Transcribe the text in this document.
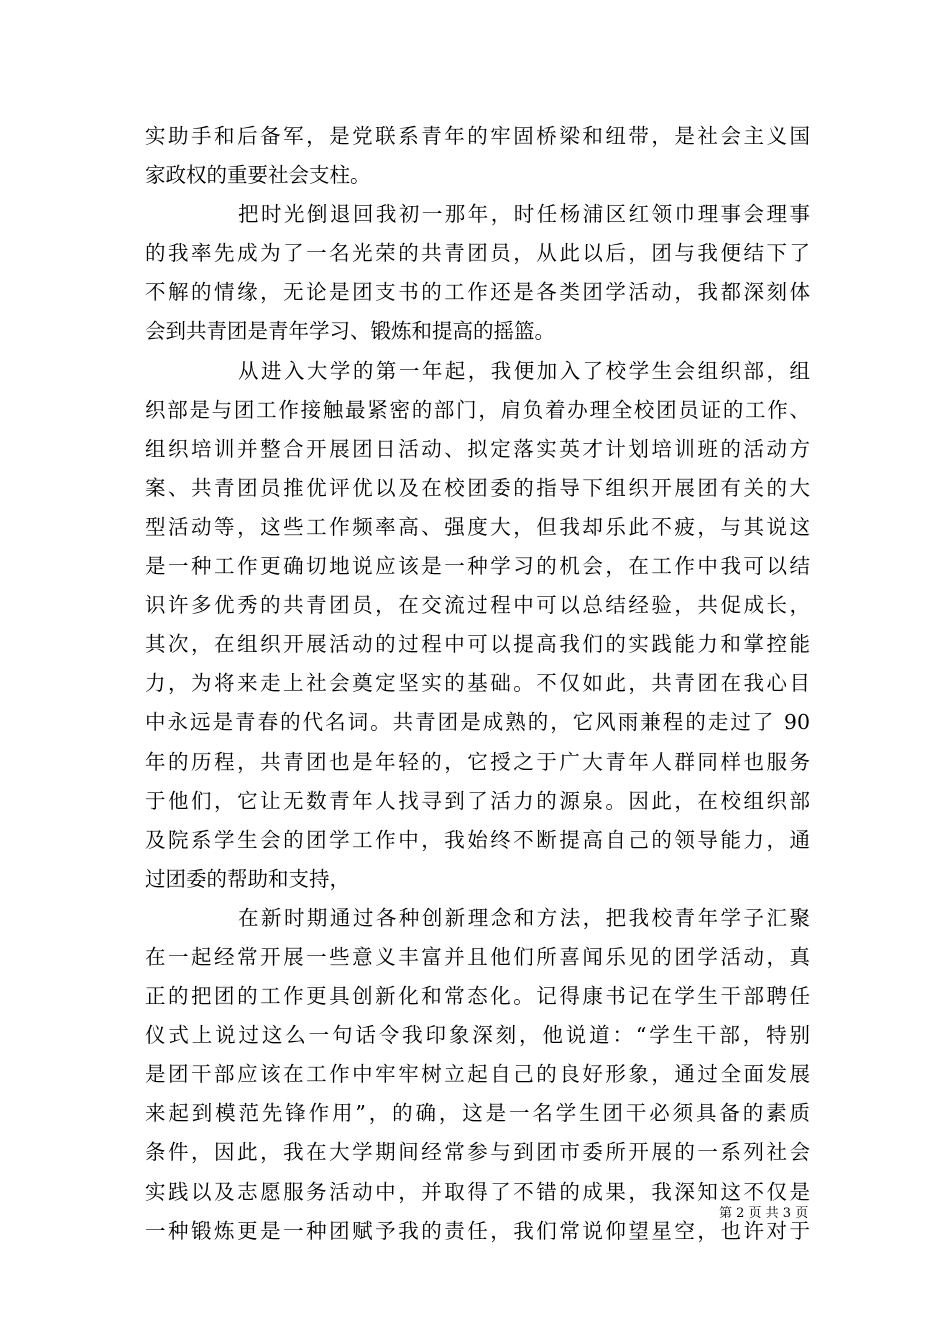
实助手和后备军，是党联系青年的牢固桥梁和纽带，是社会主义国
家政权的重要社会支柱。
把时光倒退回我初一那年，时任杨浦区红领巾理事会理事
的我率先成为了一名光荣的共青团员，从此以后，团与我便结下了
不解的情缘，无论是团支书的工作还是各类团学活动，我都深刻体
会到共青团是青年学习、锻炼和提高的摇篮。
从进入大学的第一年起，我便加入了校学生会组织部，组
织部是与团工作接触最紧密的部门，肩负着办理全校团员证的工作、
组织培训并整合开展团日活动、拟定落实英才计划培训班的活动方
案、共青团员推优评优以及在校团委的指导下组织开展团有关的大
型活动等，这些工作频率高、强度大，但我却乐此不疲，与其说这
是一种工作更确切地说应该是一种学习的机会，在工作中我可以结
识许多优秀的共青团员，在交流过程中可以总结经验，共促成长，
其次，在组织开展活动的过程中可以提高我们的实践能力和掌控能
力，为将来走上社会奠定坚实的基础。不仅如此，共青团在我心目
中永远是青春的代名词。共青团是成熟的，它风雨兼程的走过了 90
年的历程，共青团也是年轻的，它授之于广大青年人群同样也服务
于他们，它让无数青年人找寻到了活力的源泉。因此，在校组织部
及院系学生会的团学工作中，我始终不断提高自己的领导能力，通
过团委的帮助和支持，
在新时期通过各种创新理念和方法，把我校青年学子汇聚
在一起经常开展一些意义丰富并且他们所喜闻乐见的团学活动，真
正的把团的工作更具创新化和常态化。记得康书记在学生干部聘任
仪式上说过这么一句话令我印象深刻，他说道：“学生干部，特别
是团干部应该在工作中牢牢树立起自己的良好形象，通过全面发展
来起到模范先锋作用”，的确，这是一名学生团干必须具备的素质
条件，因此，我在大学期间经常参与到团市委所开展的一系列社会
实践以及志愿服务活动中，并取得了不错的成果，我深知这不仅是
一种锻炼更是一种团赋予我的责任，我们常说仰望星空，也许对于
第 2 页 共 3 页
